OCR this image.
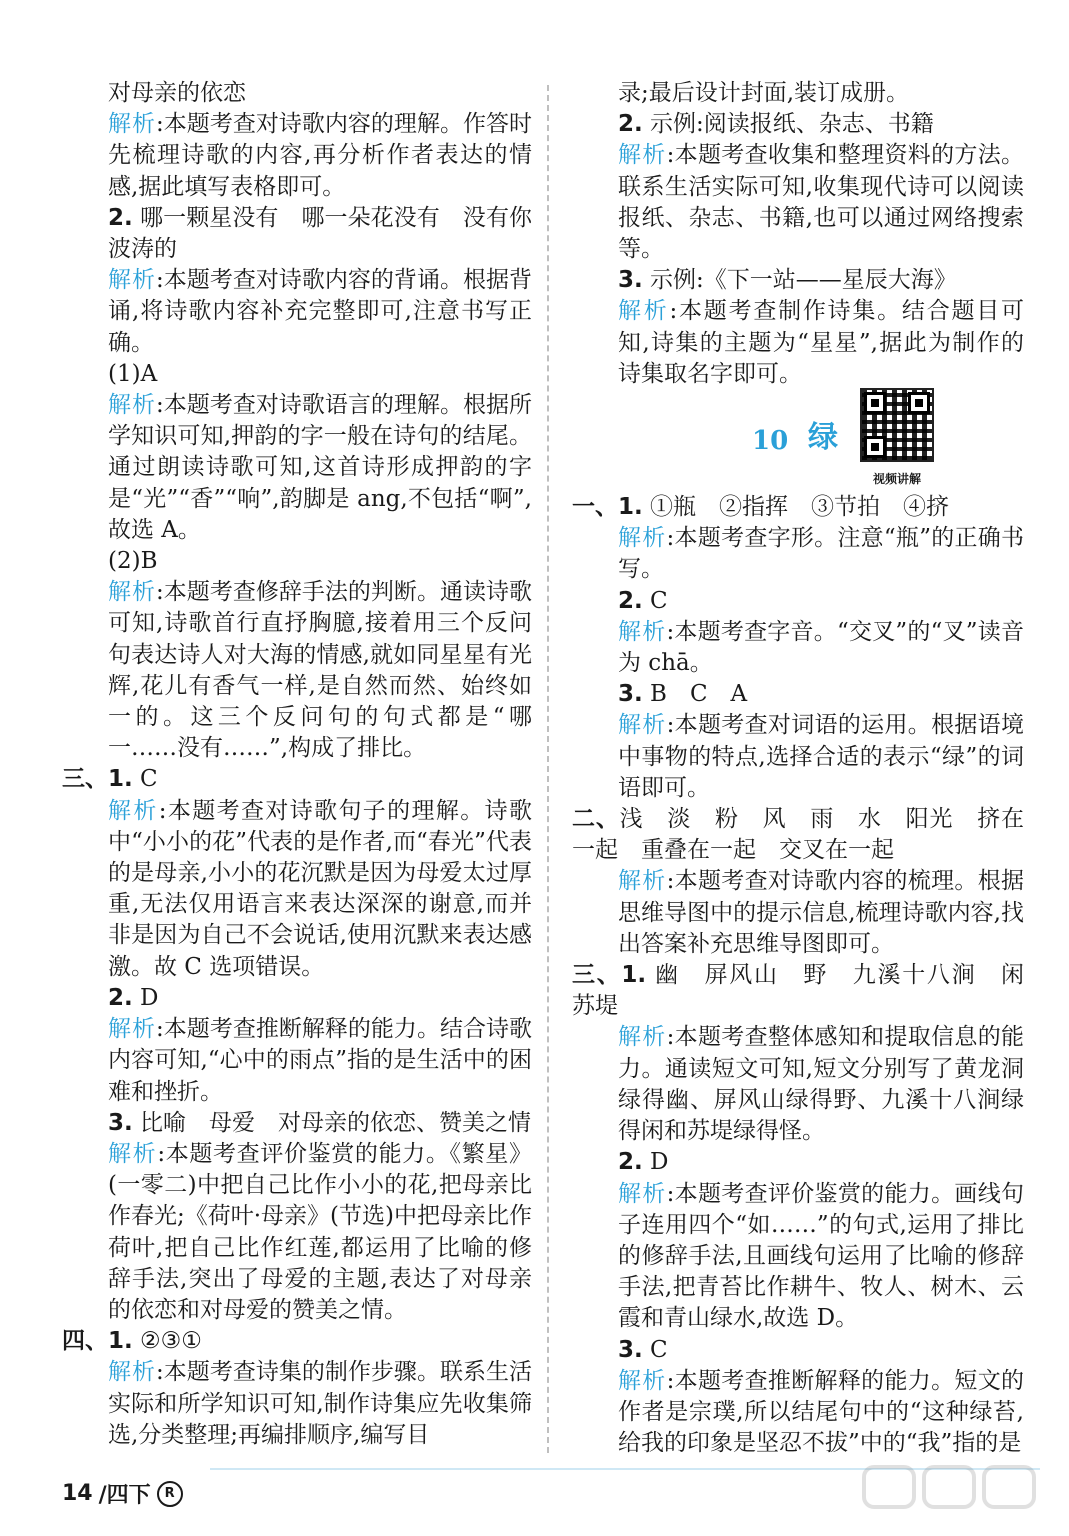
对母亲的依恋

解析:本题考查对诗歌内容的理解。作答时先梳理诗歌的内容,再分析作者表达的情感,据此填写表格即可。

2. 哪一颗星没有　哪一朵花没有　没有你波涛的

解析:本题考查对诗歌内容的背诵。根据背诵,将诗歌内容补充完整即可,注意书写正确。

(1)A

解析:本题考查对诗歌语言的理解。根据所学知识可知,押韵的字一般在诗句的结尾。通过朗读诗歌可知,这首诗形成押韵的字是“光”“香”“响”,韵脚是 ang,不包括“啊”,故选 A。

(2)B

解析:本题考查修辞手法的判断。通读诗歌可知,诗歌首行直抒胸臆,接着用三个反问句表达诗人对大海的情感,就如同星星有光辉,花儿有香气一样,是自然而然、始终如一的。这三个反问句的句式都是“哪一……没有……”,构成了排比。

三、1. C

解析:本题考查对诗歌句子的理解。诗歌中“小小的花”代表的是作者,而“春光”代表的是母亲,小小的花沉默是因为母爱太过厚重,无法仅用语言来表达深深的谢意,而并非是因为自己不会说话,使用沉默来表达感激。故 C 选项错误。

2. D

解析:本题考查推断解释的能力。结合诗歌内容可知,“心中的雨点”指的是生活中的困难和挫折。

3. 比喻　母爱　对母亲的依恋、赞美之情

解析:本题考查评价鉴赏的能力。《繁星》(一零二)中把自己比作小小的花,把母亲比作春光;《荷叶·母亲》(节选)中把母亲比作荷叶,把自己比作红莲,都运用了比喻的修辞手法,突出了母爱的主题,表达了对母亲的依恋和对母爱的赞美之情。

四、1. ②③①

解析:本题考查诗集的制作步骤。联系生活实际和所学知识可知,制作诗集应先收集筛选,分类整理;再编排顺序,编写目

录;最后设计封面,装订成册。

2. 示例:阅读报纸、杂志、书籍

解析:本题考查收集和整理资料的方法。联系生活实际可知,收集现代诗可以阅读报纸、杂志、书籍,也可以通过网络搜索等。

3. 示例:《下一站——星辰大海》

解析:本题考查制作诗集。结合题目可知,诗集的主题为“星星”,据此为制作的诗集取名字即可。

10 绿
视频讲解

一、1. ①瓶　②指挥　③节拍　④挤

解析:本题考查字形。注意“瓶”的正确书写。

2. C

解析:本题考查字音。“交叉”的“叉”读音为 chā。

3. B　C　A

解析:本题考查对词语的运用。根据语境中事物的特点,选择合适的表示“绿”的词语即可。

二、浅　淡　粉　风　雨　水　阳光　挤在一起　重叠在一起　交叉在一起

解析:本题考查对诗歌内容的梳理。根据思维导图中的提示信息,梳理诗歌内容,找出答案补充思维导图即可。

三、1. 幽　屏风山　野　九溪十八涧　闲　苏堤

解析:本题考查整体感知和提取信息的能力。通读短文可知,短文分别写了黄龙洞绿得幽、屏风山绿得野、九溪十八涧绿得闲和苏堤绿得怪。

2. D

解析:本题考查评价鉴赏的能力。画线句子连用四个“如……”的句式,运用了排比的修辞手法,且画线句运用了比喻的修辞手法,把青苔比作耕牛、牧人、树木、云霞和青山绿水,故选 D。

3. C

解析:本题考查推断解释的能力。短文的作者是宗璞,所以结尾句中的“这种绿苔,给我的印象是坚忍不拔”中的“我”指的是

14 /四下	R
